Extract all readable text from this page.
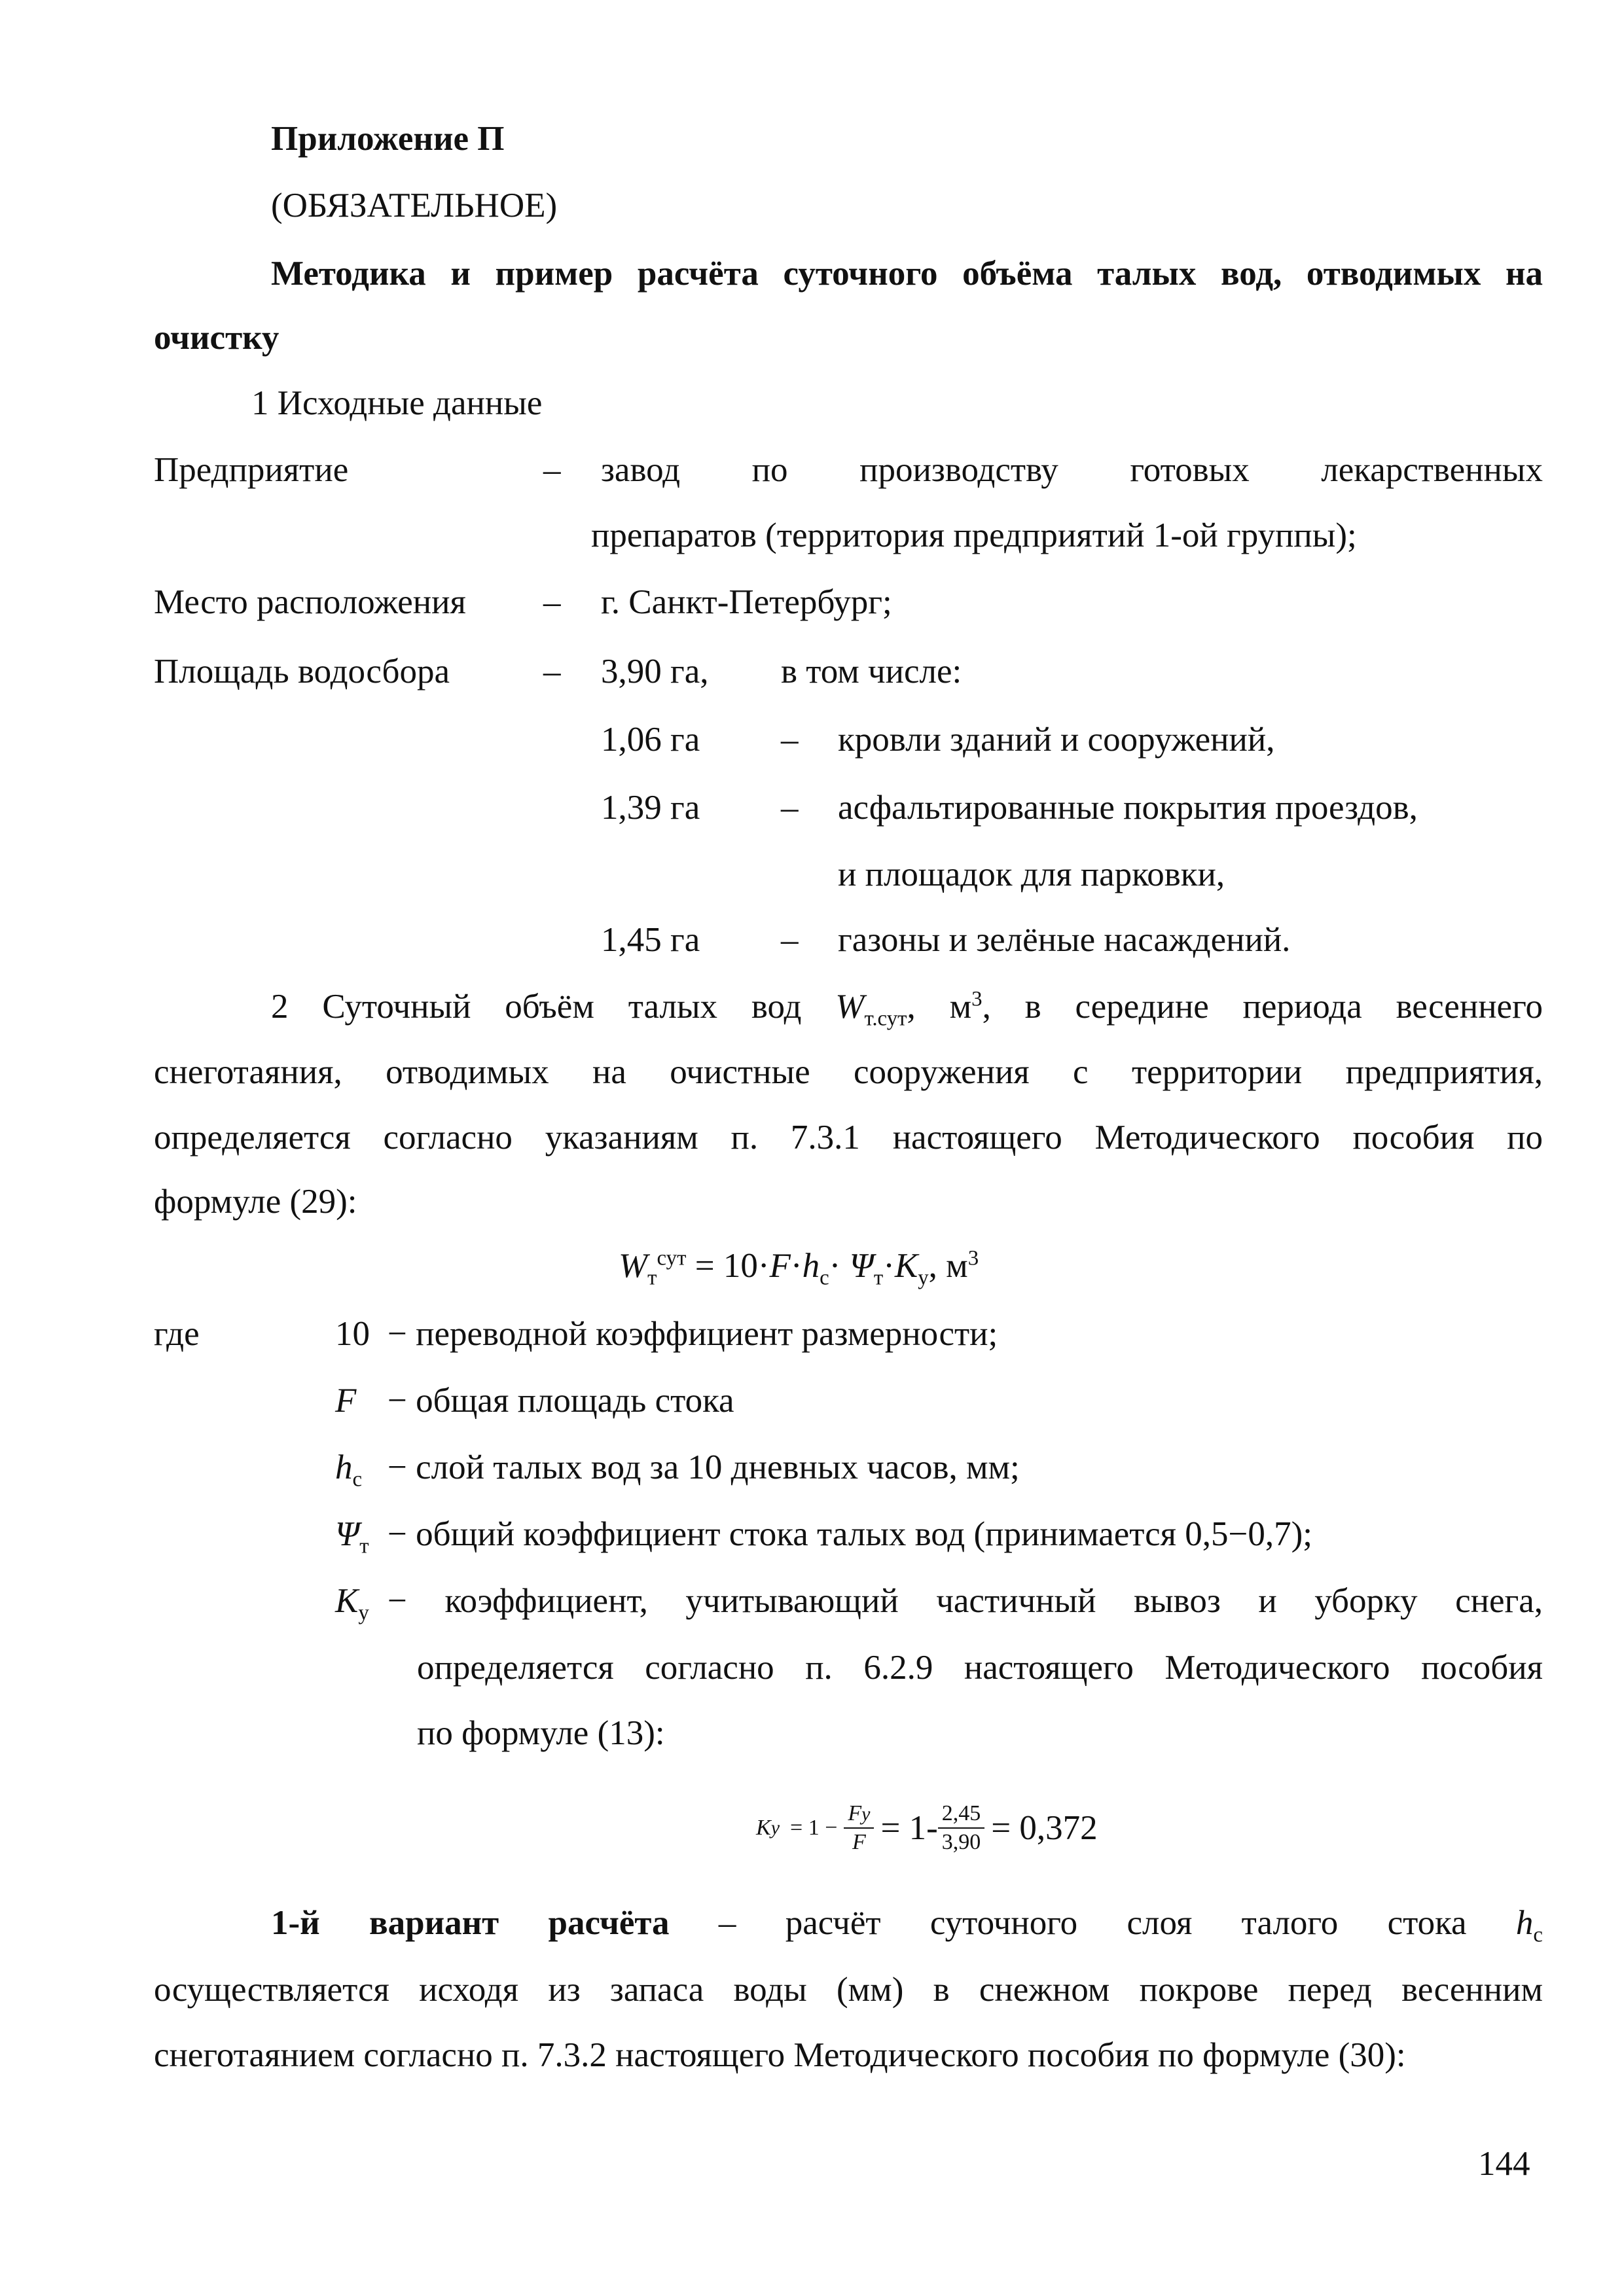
Приложение П
(ОБЯЗАТЕЛЬНОЕ)
Методика и пример расчёта суточного объёма талых вод, отводимых на
очистку
1 Исходные данные
Предприятие	– завод по производству готовых лекарственных
препаратов (территория предприятий 1-ой группы);
Место расположения – г. Санкт-Петербург;
Площадь водосбора	– 3,90 га, в том числе:
1,06 га – кровли зданий и сооружений,
1,39 га – асфальтированные покрытия проездов,
и площадок для парковки,
1,45 га – газоны и зелёные насаждений.
2 Суточный объём талых вод $W_{т.сут}$, $м^3$, в середине периода весеннего
снеготаяния, отводимых на очистные сооружения с территории предприятия,
определяется согласно указаниям п. 7.3.1 настоящего Методического пособия по
формуле (29):
$W_т^{сут} = 10\cdot F\cdot h_с\cdot \Psi_т\cdot K_у$, $м^3$
где	10 − переводной коэффициент размерности;
F − общая площадь стока
$h_с$ − слой талых вод за 10 дневных часов, мм;
$\Psi_т$ − общий коэффициент стока талых вод (принимается 0,5−0,7);
$K_у$ − коэффициент, учитывающий частичный вывоз и уборку снега,
определяется согласно п. 6.2.9 настоящего Методического пособия
по формуле (13):
K $y = 1 - \frac{Fy}{F} = 1- \frac{2,45}{3,90} = 0,372$
1-й вариант расчёта – расчёт суточного слоя талого стока $h_с$
осуществляется исходя из запаса воды (мм) в снежном покрове перед весенним
снеготаянием согласно п. 7.3.2 настоящего Методического пособия по формуле (30):
144
